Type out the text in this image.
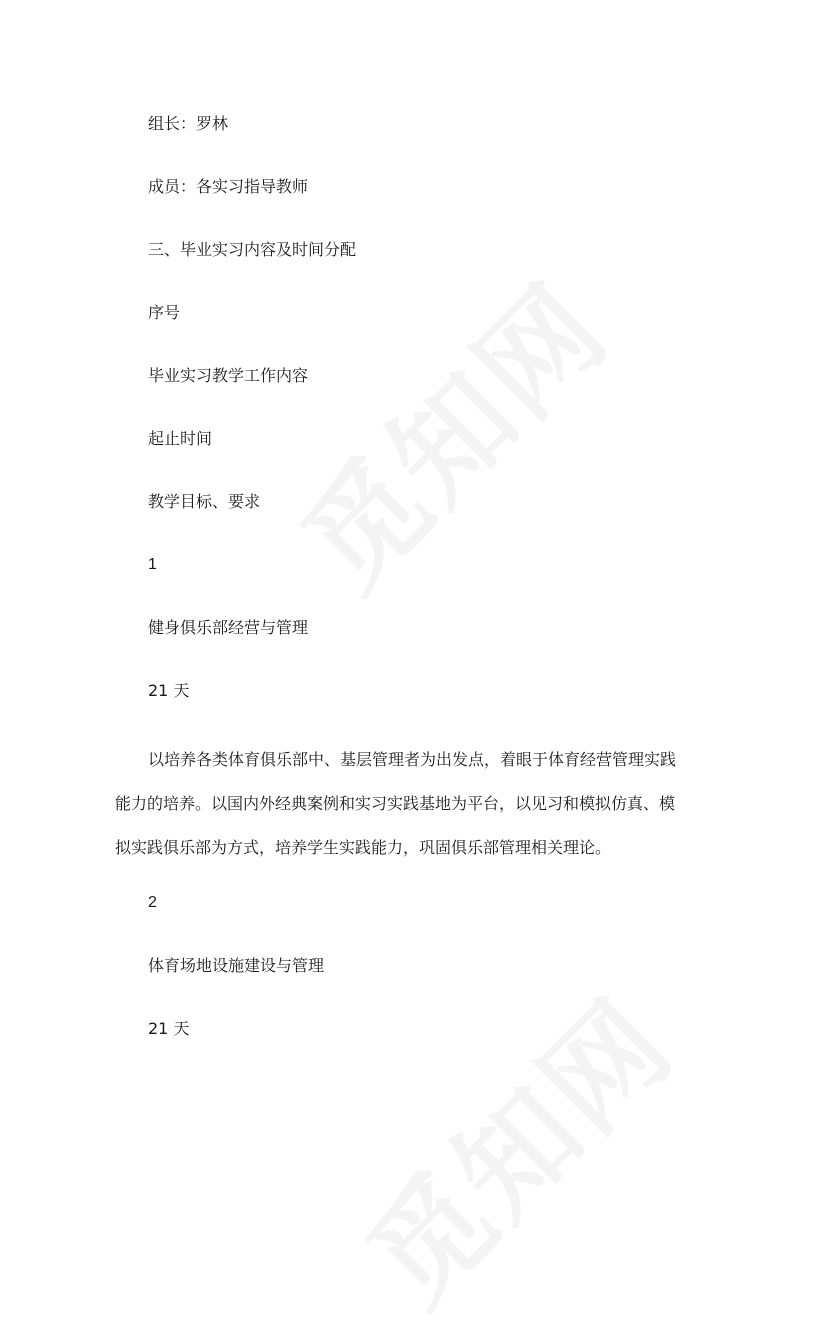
组长：罗林
成员：各实习指导教师
三、毕业实习内容及时间分配
序号
毕业实习教学工作内容
起止时间
教学目标、要求
1
健身俱乐部经营与管理
21 天
以培养各类体育俱乐部中、基层管理者为出发点，着眼于体育经营管理实践
能力的培养。以国内外经典案例和实习实践基地为平台，以见习和模拟仿真、模
拟实践俱乐部为方式，培养学生实践能力，巩固俱乐部管理相关理论。
2
体育场地设施建设与管理
21 天
